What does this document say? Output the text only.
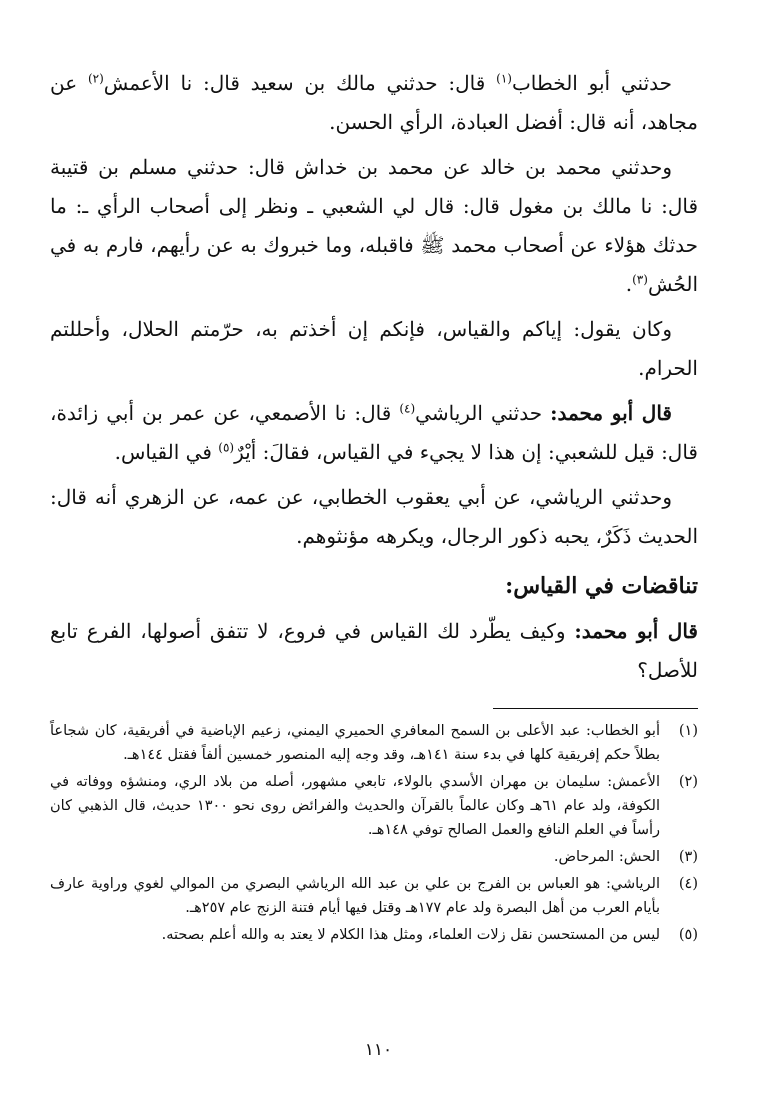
حدثني أبو الخطاب$^{(١)}$ قال: حدثني مالك بن سعيد قال: نا الأعمش$^{(٢)}$ عن مجاهد، أنه قال: أفضل العبادة، الرأي الحسن.

وحدثني محمد بن خالد عن محمد بن خداش قال: حدثني مسلم بن قتيبة قال: نا مالك بن مغول قال: قال لي الشعبي ـ ونظر إلى أصحاب الرأي ـ: ما حدثك هؤلاء عن أصحاب محمد ﷺ فاقبله، وما خبروك به عن رأيهم، فارم به في الحُش$^{(٣)}$.

وكان يقول: إياكم والقياس، فإنكم إن أخذتم به، حرّمتم الحلال، وأحللتم الحرام.

قال أبو محمد: حدثني الرياشي$^{(٤)}$ قال: نا الأصمعي، عن عمر بن أبي زائدة، قال: قيل للشعبي: إن هذا لا يجيء في القياس، فقالَ: أيْرٌ$^{(٥)}$ في القياس.

وحدثني الرياشي، عن أبي يعقوب الخطابي، عن عمه، عن الزهري أنه قال: الحديث ذَكَرٌ، يحبه ذكور الرجال، ويكرهه مؤنثوهم.

تناقضات في القياس:

قال أبو محمد: وكيف يطّرد لك القياس في فروع، لا تتفق أصولها، الفرع تابع للأصل؟

(١)
أبو الخطاب: عبد الأعلى بن السمح المعافري الحميري اليمني، زعيم الإباضية في أفريقية، كان شجاعاً بطلاً حكم إفريقية كلها في بدء سنة ١٤١هـ، وقد وجه إليه المنصور خمسين ألفاً فقتل ١٤٤هـ.
(٢)
الأعمش: سليمان بن مهران الأسدي بالولاء، تابعي مشهور، أصله من بلاد الري، ومنشؤه ووفاته في الكوفة، ولد عام ٦١هـ وكان عالماً بالقرآن والحديث والفرائض روى نحو ١٣٠٠ حديث، قال الذهبي كان رأساً في العلم النافع والعمل الصالح توفي ١٤٨هـ.
(٣)
الحش: المرحاض.
(٤)
الرياشي: هو العباس بن الفرج بن علي بن عبد الله الرياشي البصري من الموالي لغوي وراوية عارف بأيام العرب من أهل البصرة ولد عام ١٧٧هـ وقتل فيها أيام فتنة الزنج عام ٢٥٧هـ.
(٥)
ليس من المستحسن نقل زلات العلماء، ومثل هذا الكلام لا يعتد به والله أعلم بصحته.
١١٠
